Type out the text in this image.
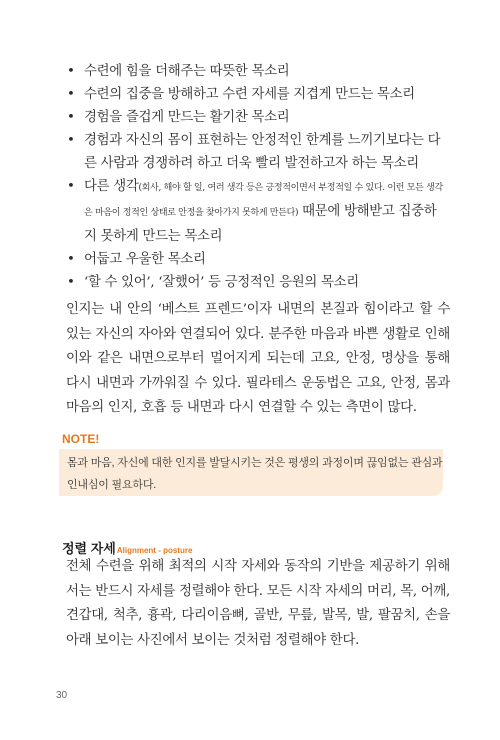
• 수련에 힘을 더해주는 따뜻한 목소리
• 수련의 집중을 방해하고 수련 자세를 지겹게 만드는 목소리
• 경험을 즐겁게 만드는 활기찬 목소리
• 경험과 자신의 몸이 표현하는 안정적인 한계를 느끼기보다는 다른 사람과 경쟁하려 하고 더욱 빨리 발전하고자 하는 목소리
• 다른 생각(회사, 해야 할 일, 여러 생각 등은 긍정적이면서 부정적일 수 있다. 이런 모든 생각은 마음이 정적인 상태로 안정을 찾아가지 못하게 만든다) 때문에 방해받고 집중하지 못하게 만드는 목소리
• 어둡고 우울한 목소리
• ‘할 수 있어’, ‘잘했어’ 등 긍정적인 응원의 목소리

인지는 내 안의 ‘베스트 프렌드’이자 내면의 본질과 힘이라고 할 수 있는 자신의 자아와 연결되어 있다. 분주한 마음과 바쁜 생활로 인해 이와 같은 내면으로부터 멀어지게 되는데 고요, 안정, 명상을 통해 다시 내면과 가까워질 수 있다. 필라테스 운동법은 고요, 안정, 몸과 마음의 인지, 호흡 등 내면과 다시 연결할 수 있는 측면이 많다.

NOTE!
몸과 마음, 자신에 대한 인지를 발달시키는 것은 평생의 과정이며 끊임없는 관심과 인내심이 필요하다.
정렬 자세Alignment - posture

전체 수련을 위해 최적의 시작 자세와 동작의 기반을 제공하기 위해서는 반드시 자세를 정렬해야 한다. 모든 시작 자세의 머리, 목, 어깨, 견갑대, 척추, 흉곽, 다리이음뼈, 골반, 무릎, 발목, 발, 팔꿈치, 손을 아래 보이는 사진에서 보이는 것처럼 정렬해야 한다.

30
